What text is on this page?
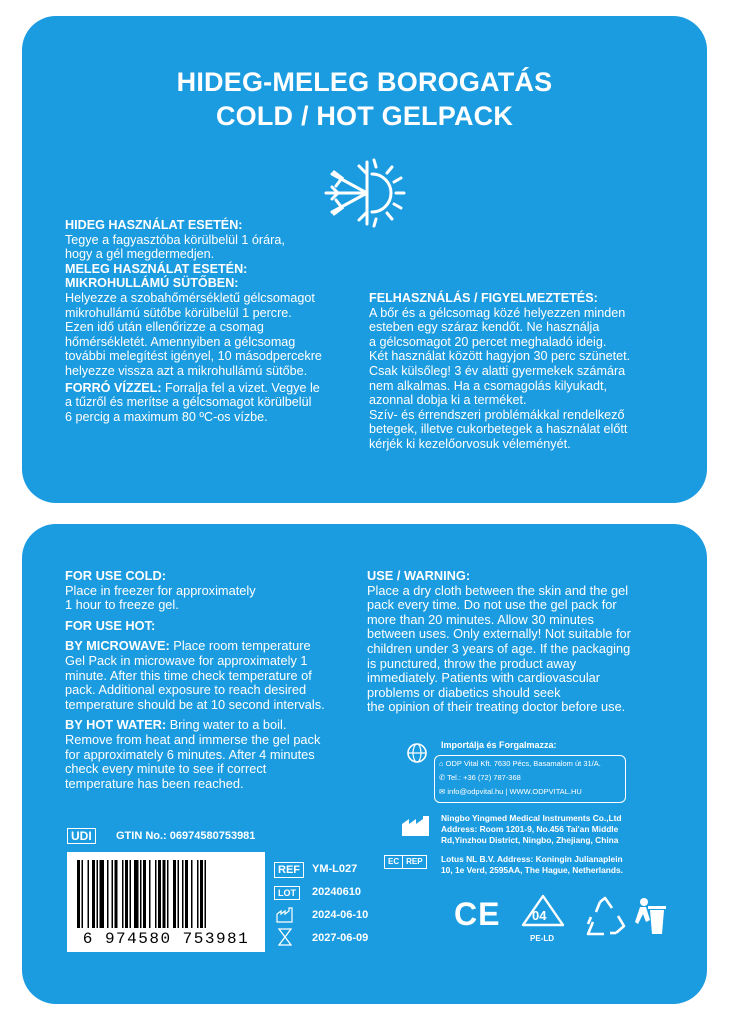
HIDEG-MELEG BOROGATÁS
COLD / HOT GELPACK

HIDEG HASZNÁLAT ESETÉN:

Tegye a fagyasztóba körülbelül 1 órára,

hogy a gél megdermedjen.

MELEG HASZNÁLAT ESETÉN:

MIKROHULLÁMÚ SÜTŐBEN:

Helyezze a szobahőmérsékletű gélcsomagot

mikrohullámú sütőbe körülbelül 1 percre.

Ezen idő után ellenőrizze a csomag

hőmérsékletét. Amennyiben a gélcsomag

további melegítést igényel, 10 másodpercekre

helyezze vissza azt a mikrohullámú sütőbe.

FORRÓ VÍZZEL: Forralja fel a vizet. Vegye le

a tűzről és merítse a gélcsomagot körülbelül

6 percig a maximum 80 ºC-os vízbe.

FELHASZNÁLÁS / FIGYELMEZTETÉS:

A bőr és a gélcsomag közé helyezzen minden

esteben egy száraz kendőt. Ne használja

a gélcsomagot 20 percet meghaladó ideig.

Két használat között hagyjon 30 perc szünetet.

Csak külsőleg! 3 év alatti gyermekek számára

nem alkalmas. Ha a csomagolás kilyukadt,

azonnal dobja ki a terméket.

Szív- és érrendszeri problémákkal rendelkező

betegek, illetve cukorbetegek a használat előtt

kérjék ki kezelőorvosuk véleményét.

FOR USE COLD:

Place in freezer for approximately

1 hour to freeze gel.

FOR USE HOT:

BY MICROWAVE: Place room temperature

Gel Pack in microwave for approximately 1

minute. After this time check temperature of

pack. Additional exposure to reach desired

temperature should be at 10 second intervals.

BY HOT WATER: Bring water to a boil.

Remove from heat and immerse the gel pack

for approximately 6 minutes. After 4 minutes

check every minute to see if correct

temperature has been reached.

USE / WARNING:

Place a dry cloth between the skin and the gel

pack every time. Do not use the gel pack for

more than 20 minutes. Allow 30 minutes

between uses. Only externally! Not suitable for

children under 3 years of age. If the packaging

is punctured, throw the product away

immediately. Patients with cardiovascular

problems or diabetics should seek

the opinion of their treating doctor before use.

Importálja és Forgalmazza:
⌂ ODP Vital Kft. 7630 Pécs, Basamalom út 31/A.
✆ Tel.: +36 (72) 787-368
✉ info@odpvital.hu | WWW.ODPVITAL.HU
Ningbo Yingmed Medical Instruments Co.,Ltd
Address: Room 1201-9, No.456 Tai'an Middle
Rd,Yinzhou District, Ningbo, Zhejiang, China
EC REP	Lotus NL B.V. Address: Koningin Julianaplein
10, 1e Verd, 2595AA, The Hague, Netherlands.
UDI	GTIN No.: 06974580753981
6 974580 753981
REF	YM-L027
LOT	20240610
2024-06-10
2027-06-09
CE 04
PE-LD
